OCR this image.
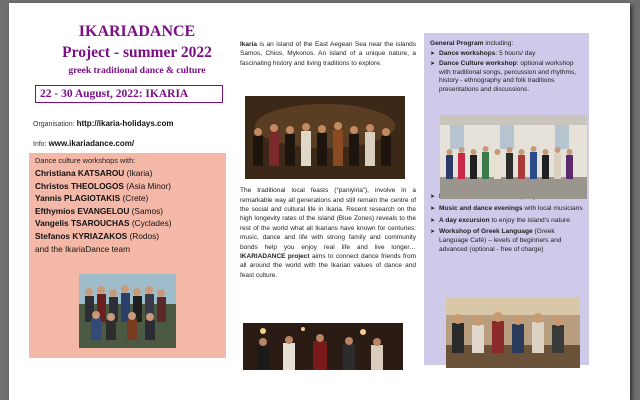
IKARIADANCE
Project - summer 2022
greek traditional dance & culture
22 - 30 August, 2022: IKARIA
Organisation: http://ikaria-holidays.com
Info: www.ikariadance.com/
Dance culture workshops with:
Christiana KATSAROU (Ikaria)
Christos THEOLOGOS (Asia Minor)
Yannis PLAGIOTAKIS (Crete)
Efthymios EVANGELOU (Samos)
Vangelis TSAROUCHAS (Cyclades)
Stefanos KYRIAZAKOS (Rodos)
and the IkariaDance team

Ikaria is an island of the East Aegean Sea near the islands Samos, Chios, Mykonos. An island of a unique nature, a fascinating history and living traditions to explore.

The traditional local feasts (“paniyiria”), involve in a remarkable way all generations and still remain the centre of the social and cultural life in Ikaria. Recent research on the high longevity rates of the island (Blue Zones) reveals to the rest of the world what all Ikarians have known for centuries: music, dance and life with strong family and community bonds help you enjoy real life and live longer… IKARIADANCE project aims to connect dance friends from all around the world with the Ikarian values of dance and feast culture.

General Program including:
➤ Dance workshops: 5 hours/ day
➤ Dance Culture workshop: optional workshop with traditional songs, percussion and rhythms, history - ethnography and folk traditions presentations and discussions.
➤
➤ Music and dance evenings with local musicians
➤ A day excursion to enjoy the island’s nature
➤ Workshop of Greek Language (Greek Language Café) – levels of beginners and advanced (optional - free of charge)
